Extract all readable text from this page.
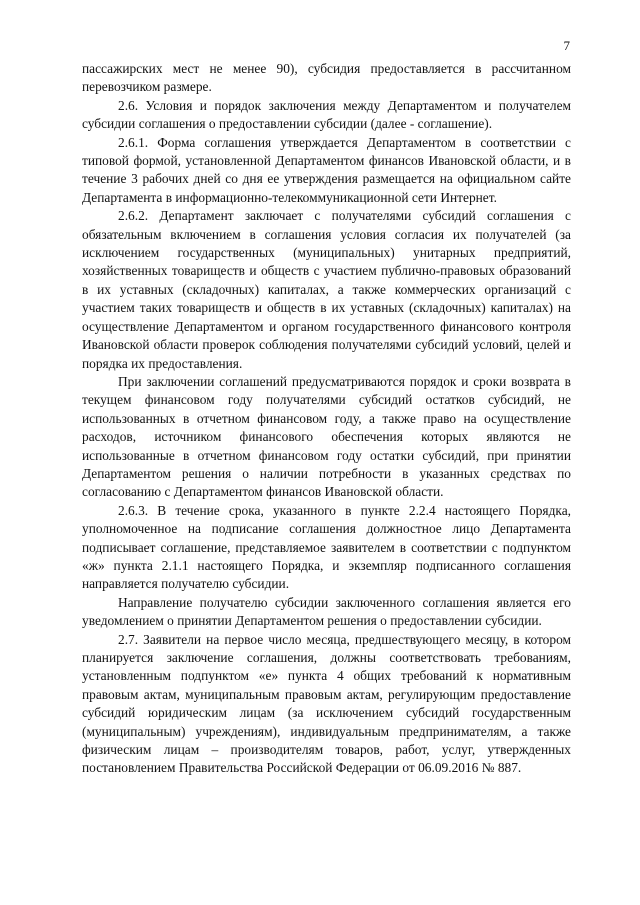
7

пассажирских мест не менее 90), субсидия предоставляется в рассчитанном перевозчиком размере.

2.6. Условия и порядок заключения между Департаментом и получателем субсидии соглашения о предоставлении субсидии (далее - соглашение).

2.6.1. Форма соглашения утверждается Департаментом в соответствии с типовой формой, установленной Департаментом финансов Ивановской области, и в течение 3 рабочих дней со дня ее утверждения размещается на официальном сайте Департамента в информационно-телекоммуникационной сети Интернет.

2.6.2. Департамент заключает с получателями субсидий соглашения с обязательным включением в соглашения условия согласия их получателей (за исключением государственных (муниципальных) унитарных предприятий, хозяйственных товариществ и обществ с участием публично-правовых образований в их уставных (складочных) капиталах, а также коммерческих организаций с участием таких товариществ и обществ в их уставных (складочных) капиталах) на осуществление Департаментом и органом государственного финансового контроля Ивановской области проверок соблюдения получателями субсидий условий, целей и порядка их предоставления.

При заключении соглашений предусматриваются порядок и сроки возврата в текущем финансовом году получателями субсидий остатков субсидий, не использованных в отчетном финансовом году, а также право на осуществление расходов, источником финансового обеспечения которых являются не использованные в отчетном финансовом году остатки субсидий, при принятии Департаментом решения о наличии потребности в указанных средствах по согласованию с Департаментом финансов Ивановской области.

2.6.3. В течение срока, указанного в пункте 2.2.4 настоящего Порядка, уполномоченное на подписание соглашения должностное лицо Департамента подписывает соглашение, представляемое заявителем в соответствии с подпунктом «ж» пункта 2.1.1 настоящего Порядка, и экземпляр подписанного соглашения направляется получателю субсидии.

Направление получателю субсидии заключенного соглашения является его уведомлением о принятии Департаментом решения о предоставлении субсидии.

2.7. Заявители на первое число месяца, предшествующего месяцу, в котором планируется заключение соглашения, должны соответствовать требованиям, установленным подпунктом «е» пункта 4 общих требований к нормативным правовым актам, муниципальным правовым актам, регулирующим предоставление субсидий юридическим лицам (за исключением субсидий государственным (муниципальным) учреждениям), индивидуальным предпринимателям, а также физическим лицам – производителям товаров, работ, услуг, утвержденных постановлением Правительства Российской Федерации от 06.09.2016 № 887.
